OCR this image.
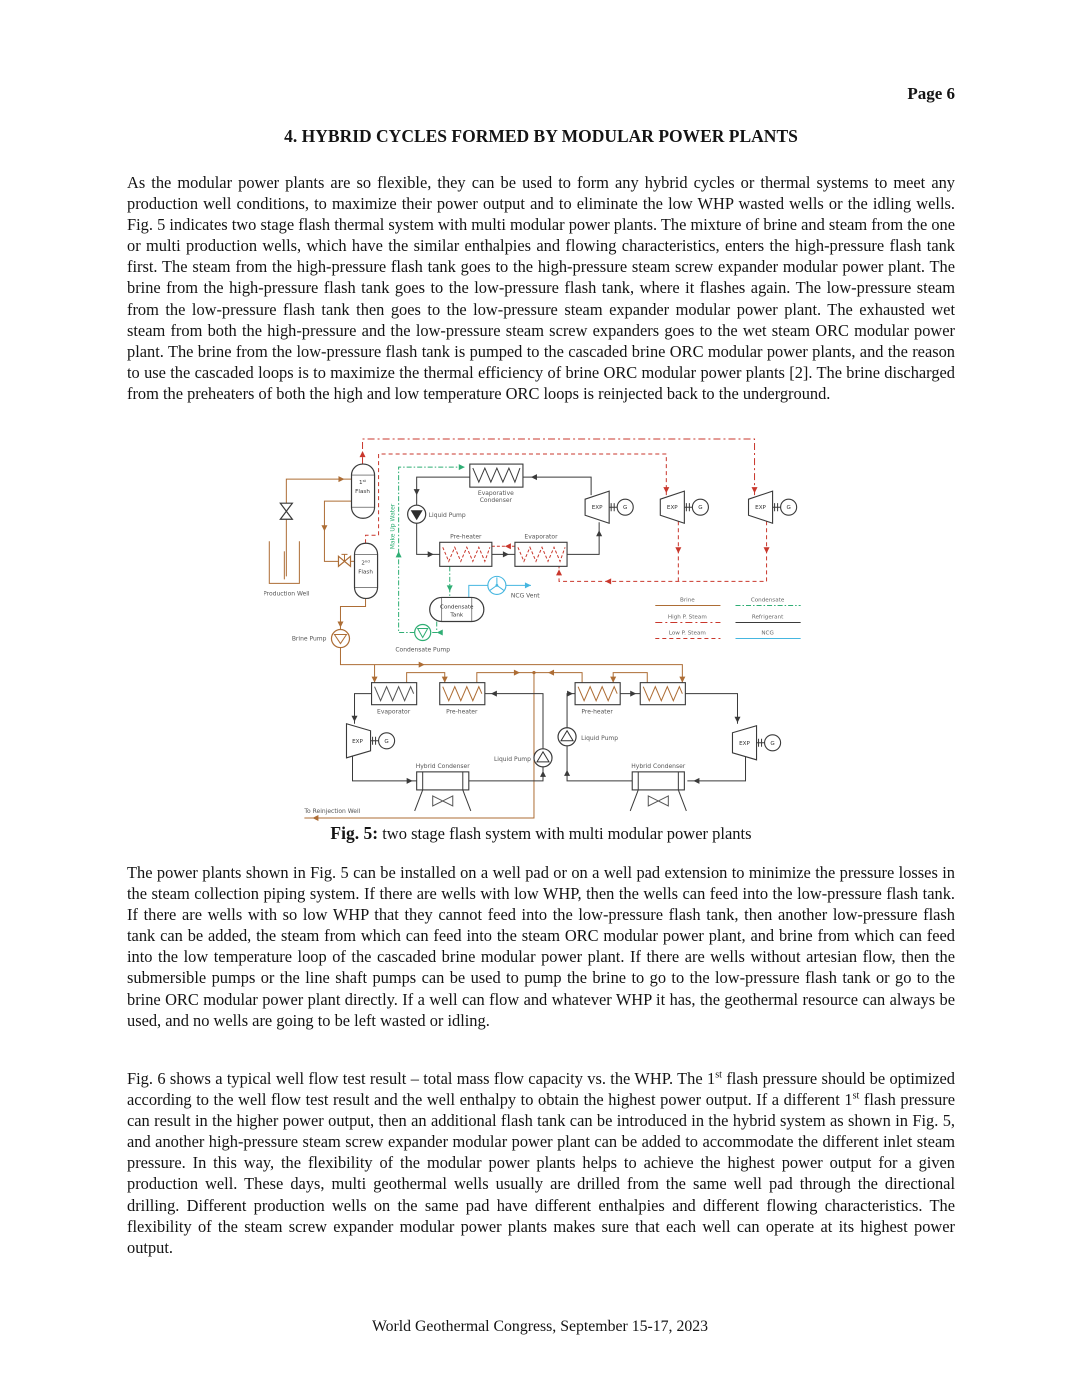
Page 6
4. HYBRID CYCLES FORMED BY MODULAR POWER PLANTS
As the modular power plants are so flexible, they can be used to form any hybrid cycles or thermal systems to meet any production well conditions, to maximize their power output and to eliminate the low WHP wasted wells or the idling wells. Fig. 5 indicates two stage flash thermal system with multi modular power plants. The mixture of brine and steam from the one or multi production wells, which have the similar enthalpies and flowing characteristics, enters the high-pressure flash tank first. The steam from the high-pressure flash tank goes to the high-pressure steam screw expander modular power plant. The brine from the high-pressure flash tank goes to the low-pressure flash tank, where it flashes again. The low-pressure steam from the low-pressure flash tank then goes to the low-pressure steam expander modular power plant. The exhausted wet steam from both the high-pressure and the low-pressure steam screw expanders goes to the wet steam ORC modular power plant. The brine from the low-pressure flash tank is pumped to the cascaded brine ORC modular power plants, and the reason to use the cascaded loops is to maximize the thermal efficiency of brine ORC modular power plants [2]. The brine discharged from the preheaters of both the high and low temperature ORC loops is reinjected back to the underground.
NCG Vent
1st
Flash
2nd
Flash
Brine Pump
Evaporative
Condenser
Liquid Pump
Pre-heater	Evaporator
Condensate
Tank
Condensate Pump
Make Up Water	EXP	G	EXP	G	EXP	G
Brine
High P. Steam
Low P. Steam
Condensate
Refrigerant
NCG
Evaporator	Pre-heater
EXP	G
Hybrid Condenser
Liquid Pump
Pre-heater
Liquid Pump
EXP	G
Hybrid Condenser
Production Well
To Reinjection Well
Fig. 5: two stage flash system with multi modular power plants
The power plants shown in Fig. 5 can be installed on a well pad or on a well pad extension to minimize the pressure losses in the steam collection piping system. If there are wells with low WHP, then the wells can feed into the low-pressure flash tank. If there are wells with so low WHP that they cannot feed into the low-pressure flash tank, then another low-pressure flash tank can be added, the steam from which can feed into the steam ORC modular power plant, and brine from which can feed into the low temperature loop of the cascaded brine modular power plant. If there are wells without artesian flow, then the submersible pumps or the line shaft pumps can be used to pump the brine to go to the low-pressure flash tank or go to the brine ORC modular power plant directly. If a well can flow and whatever WHP it has, the geothermal resource can always be used, and no wells are going to be left wasted or idling.
Fig. 6 shows a typical well flow test result – total mass flow capacity vs. the WHP. The 1st flash pressure should be optimized according to the well flow test result and the well enthalpy to obtain the highest power output. If a different 1st flash pressure can result in the higher power output, then an additional flash tank can be introduced in the hybrid system as shown in Fig. 5, and another high-pressure steam screw expander modular power plant can be added to accommodate the different inlet steam pressure. In this way, the flexibility of the modular power plants helps to achieve the highest power output for a given production well. These days, multi geothermal wells usually are drilled from the same well pad through the directional drilling. Different production wells on the same pad have different enthalpies and different flowing characteristics. The flexibility of the steam screw expander modular power plants makes sure that each well can operate at its highest power output.
World Geothermal Congress, September 15-17, 2023
